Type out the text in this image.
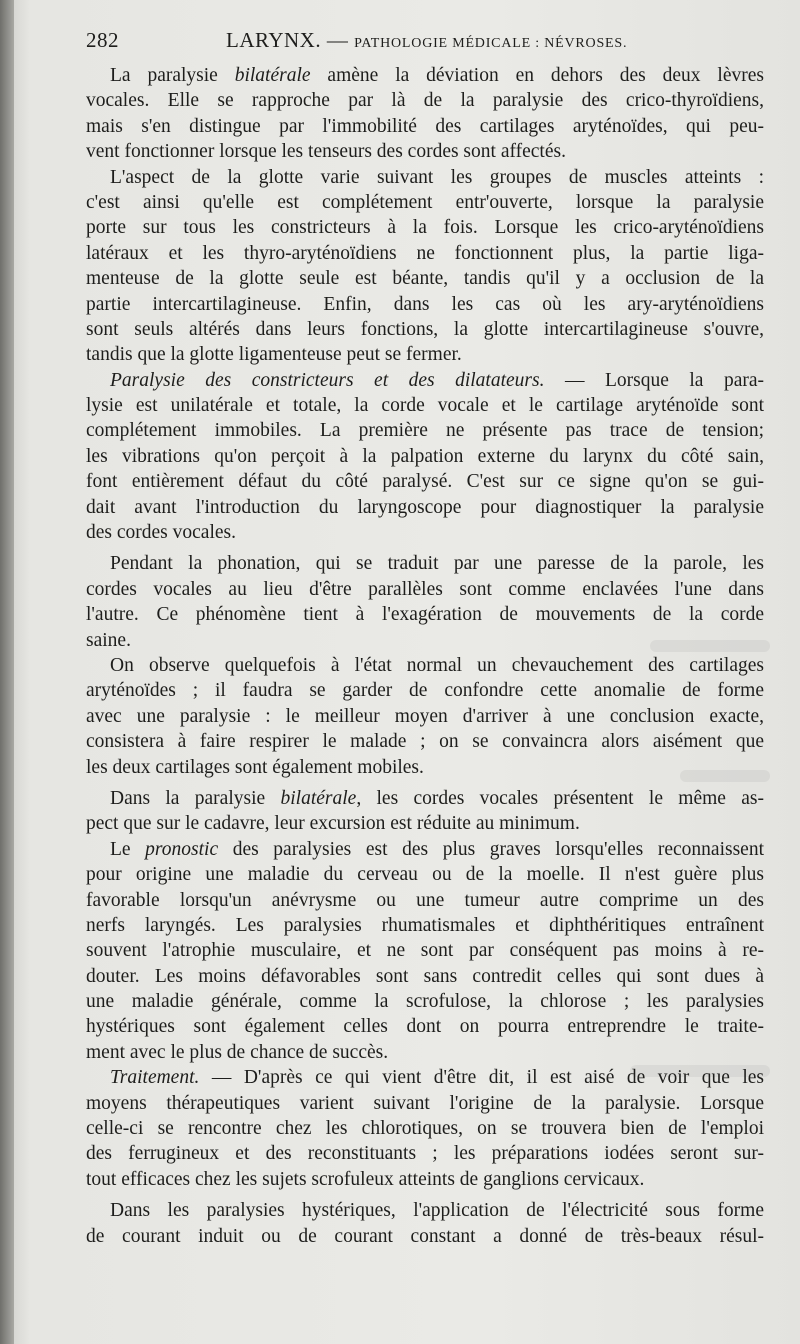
282	LARYNX. — PATHOLOGIE MÉDICALE : NÉVROSES.
La paralysie bilatérale amène la déviation en dehors des deux lèvres
vocales. Elle se rapproche par là de la paralysie des crico-thyroïdiens,
mais s'en distingue par l'immobilité des cartilages aryténoïdes, qui peu-
vent fonctionner lorsque les tenseurs des cordes sont affectés.
L'aspect de la glotte varie suivant les groupes de muscles atteints :
c'est ainsi qu'elle est complétement entr'ouverte, lorsque la paralysie
porte sur tous les constricteurs à la fois. Lorsque les crico-aryténoïdiens
latéraux et les thyro-aryténoïdiens ne fonctionnent plus, la partie liga-
menteuse de la glotte seule est béante, tandis qu'il y a occlusion de la
partie intercartilagineuse. Enfin, dans les cas où les ary-aryténoïdiens
sont seuls altérés dans leurs fonctions, la glotte intercartilagineuse s'ouvre,
tandis que la glotte ligamenteuse peut se fermer.
Paralysie des constricteurs et des dilatateurs. — Lorsque la para-
lysie est unilatérale et totale, la corde vocale et le cartilage aryténoïde sont
complétement immobiles. La première ne présente pas trace de tension;
les vibrations qu'on perçoit à la palpation externe du larynx du côté sain,
font entièrement défaut du côté paralysé. C'est sur ce signe qu'on se gui-
dait avant l'introduction du laryngoscope pour diagnostiquer la paralysie
des cordes vocales.
Pendant la phonation, qui se traduit par une paresse de la parole, les
cordes vocales au lieu d'être parallèles sont comme enclavées l'une dans
l'autre. Ce phénomène tient à l'exagération de mouvements de la corde
saine.
On observe quelquefois à l'état normal un chevauchement des cartilages
aryténoïdes ; il faudra se garder de confondre cette anomalie de forme
avec une paralysie : le meilleur moyen d'arriver à une conclusion exacte,
consistera à faire respirer le malade ; on se convaincra alors aisément que
les deux cartilages sont également mobiles.
Dans la paralysie bilatérale, les cordes vocales présentent le même as-
pect que sur le cadavre, leur excursion est réduite au minimum.
Le pronostic des paralysies est des plus graves lorsqu'elles reconnaissent
pour origine une maladie du cerveau ou de la moelle. Il n'est guère plus
favorable lorsqu'un anévrysme ou une tumeur autre comprime un des
nerfs laryngés. Les paralysies rhumatismales et diphthéritiques entraînent
souvent l'atrophie musculaire, et ne sont par conséquent pas moins à re-
douter. Les moins défavorables sont sans contredit celles qui sont dues à
une maladie générale, comme la scrofulose, la chlorose ; les paralysies
hystériques sont également celles dont on pourra entreprendre le traite-
ment avec le plus de chance de succès.
Traitement. — D'après ce qui vient d'être dit, il est aisé de voir que les
moyens thérapeutiques varient suivant l'origine de la paralysie. Lorsque
celle-ci se rencontre chez les chlorotiques, on se trouvera bien de l'emploi
des ferrugineux et des reconstituants ; les préparations iodées seront sur-
tout efficaces chez les sujets scrofuleux atteints de ganglions cervicaux.
Dans les paralysies hystériques, l'application de l'électricité sous forme
de courant induit ou de courant constant a donné de très-beaux résul-
